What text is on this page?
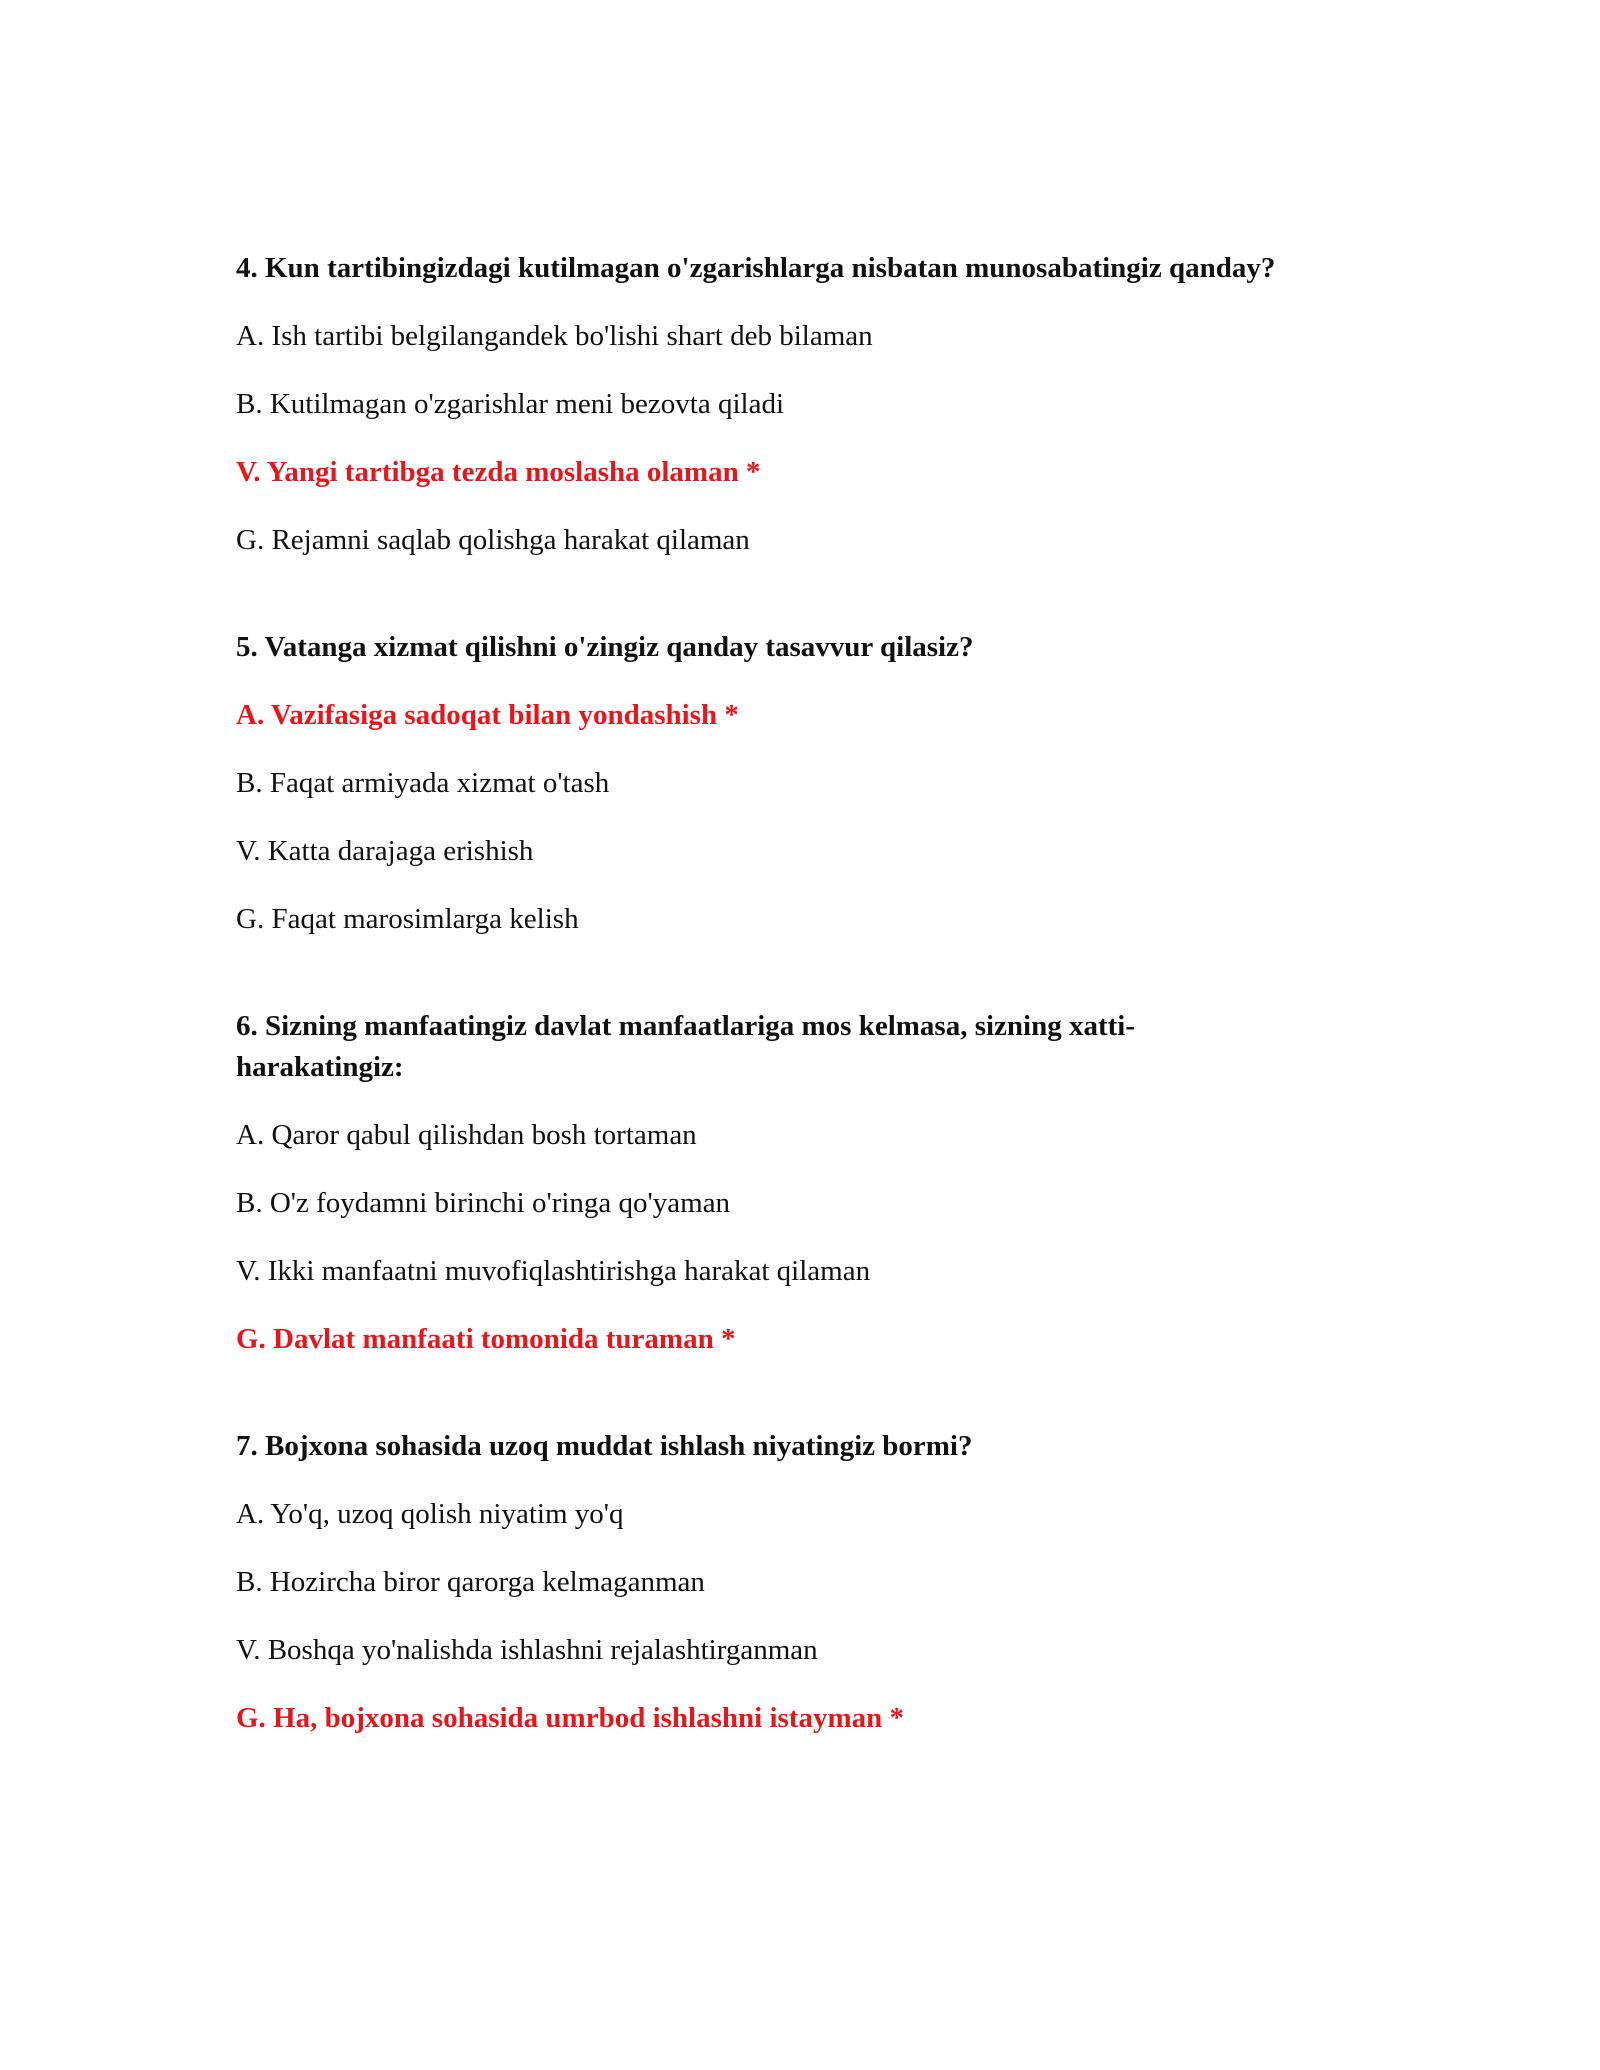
4. Kun tartibingizdagi kutilmagan o'zgarishlarga nisbatan munosabatingiz qanday?

A. Ish tartibi belgilangandek bo'lishi shart deb bilaman

B. Kutilmagan o'zgarishlar meni bezovta qiladi

V. Yangi tartibga tezda moslasha olaman *

G. Rejamni saqlab qolishga harakat qilaman

5. Vatanga xizmat qilishni o'zingiz qanday tasavvur qilasiz?

A. Vazifasiga sadoqat bilan yondashish *

B. Faqat armiyada xizmat o'tash

V. Katta darajaga erishish

G. Faqat marosimlarga kelish

6. Sizning manfaatingiz davlat manfaatlariga mos kelmasa, sizning xatti-
harakatingiz:

A. Qaror qabul qilishdan bosh tortaman

B. O'z foydamni birinchi o'ringa qo'yaman

V. Ikki manfaatni muvofiqlashtirishga harakat qilaman

G. Davlat manfaati tomonida turaman *

7. Bojxona sohasida uzoq muddat ishlash niyatingiz bormi?

A. Yo'q, uzoq qolish niyatim yo'q

B. Hozircha biror qarorga kelmaganman

V. Boshqa yo'nalishda ishlashni rejalashtirganman

G. Ha, bojxona sohasida umrbod ishlashni istayman *
